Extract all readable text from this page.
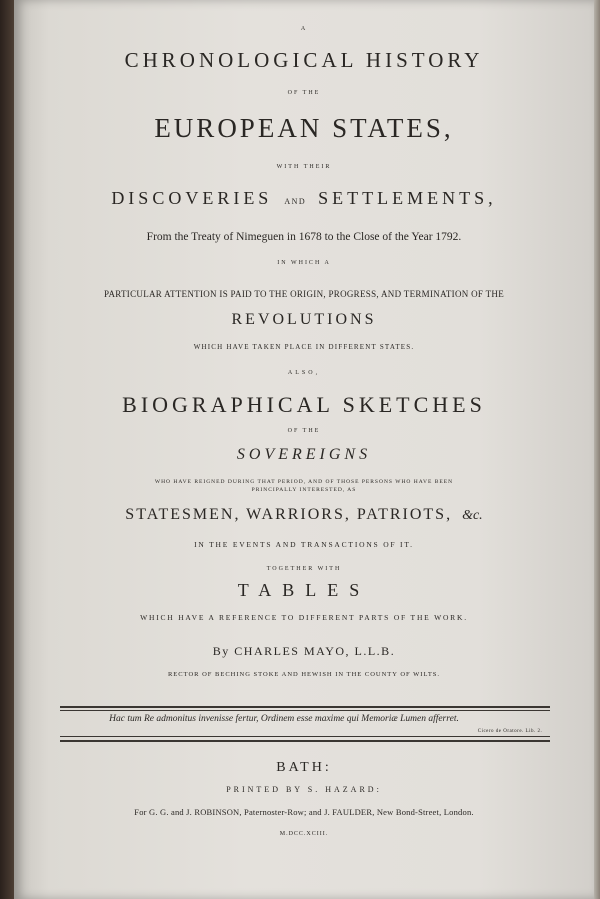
A
CHRONOLOGICAL HISTORY
OF THE
EUROPEAN STATES,
WITH THEIR
DISCOVERIES AND SETTLEMENTS,
From the Treaty of Nimeguen in 1678 to the Close of the Year 1792.
IN WHICH A
PARTICULAR ATTENTION IS PAID TO THE ORIGIN, PROGRESS, AND TERMINATION OF THE
REVOLUTIONS
WHICH HAVE TAKEN PLACE IN DIFFERENT STATES.
ALSO,
BIOGRAPHICAL SKETCHES
OF THE
SOVEREIGNS
WHO HAVE REIGNED DURING THAT PERIOD, AND OF THOSE PERSONS WHO HAVE BEEN
PRINCIPALLY INTERESTED, AS
STATESMEN, WARRIORS, PATRIOTS, &c.
IN THE EVENTS AND TRANSACTIONS OF IT.
TOGETHER WITH
TABLES
WHICH HAVE A REFERENCE TO DIFFERENT PARTS OF THE WORK.
By CHARLES MAYO, L.L.B.
RECTOR OF BECHING STOKE AND HEWISH IN THE COUNTY OF WILTS.
Hac tum Re admonitus invenisse fertur, Ordinem esse maxime qui Memoriæ Lumen afferret.
Cicero de Oratore. Lib. 2.
BATH:
PRINTED BY S. HAZARD:
For G. G. and J. ROBINSON, Paternoster-Row; and J. FAULDER, New Bond-Street, London.
M.DCC.XCIII.
